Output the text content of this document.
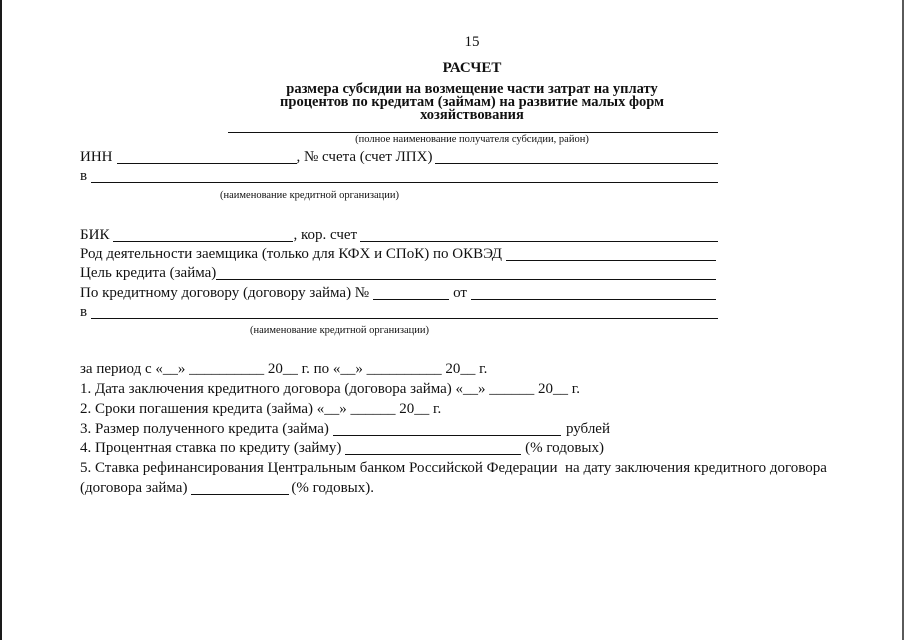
15
РАСЧЕТ
размера субсидии на возмещение части затрат на уплату
процентов по кредитам (займам) на развитие малых форм
хозяйствования
(полное наименование получателя субсидии, район)
ИНН	, № счета (счет ЛПХ)
в
(наименование кредитной организации)
БИК	, кор. счет
Род деятельности заемщика (только для КФХ и СПоК) по ОКВЭД
Цель кредита (займа)
По кредитному договору (договору займа) №	от
в
(наименование кредитной организации)
за период с «__» __________ 20__ г. по «__» __________ 20__ г.
1. Дата заключения кредитного договора (договора займа) «__» ______ 20__ г.
2. Сроки погашения кредита (займа) «__» ______ 20__ г.
3. Размер полученного кредита (займа)	рублей
4. Процентная ставка по кредиту (займу)	(% годовых)
5. Ставка рефинансирования Центральным банком Российской Федерации  на дату заключения кредитного договора
(договора займа)	(% годовых).
